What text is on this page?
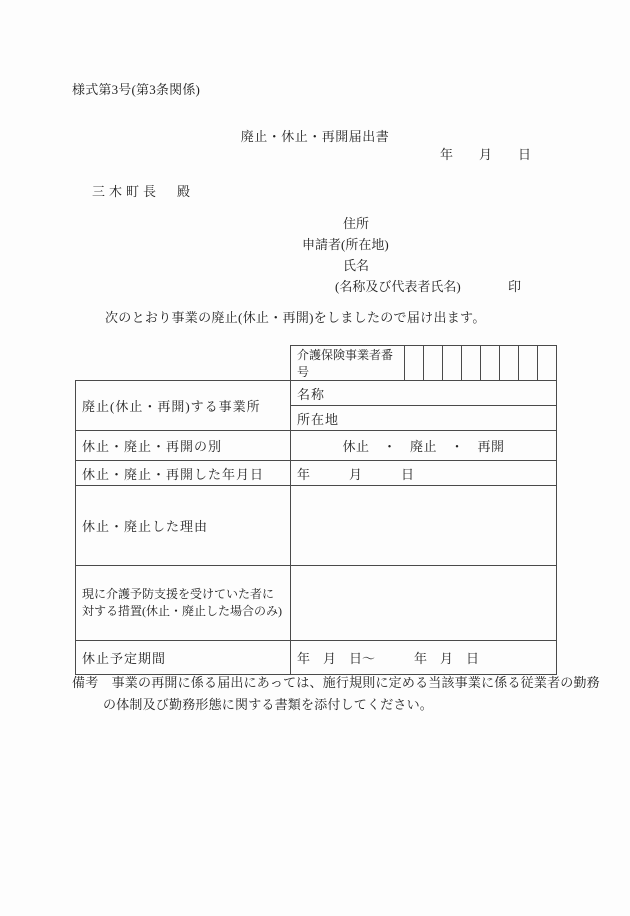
様式第3号(第3条関係)
廃止・休止・再開届出書
年　　月　　日
三木町長　殿
住所
申請者(所在地)
氏名
(名称及び代表者氏名)	印
次のとおり事業の廃止(休止・再開)をしましたので届け出ます。
	介護保険事業者番号								
廃止(休止・再開)する事業所	名称								
	所在地								
休止・廃止・再開の別	休止　・　廃止　・　再開								
休止・廃止・再開した年月日	年　　　月　　　日								
休止・廃止した理由									
現に介護予防支援を受けていた者に対する措置(休止・廃止した場合のみ)									
休止予定期間	年　月　日～　　　年　月　日								
備考　事業の再開に係る届出にあっては、施行規則に定める当該事業に係る従業者の勤務
の体制及び勤務形態に関する書類を添付してください。
